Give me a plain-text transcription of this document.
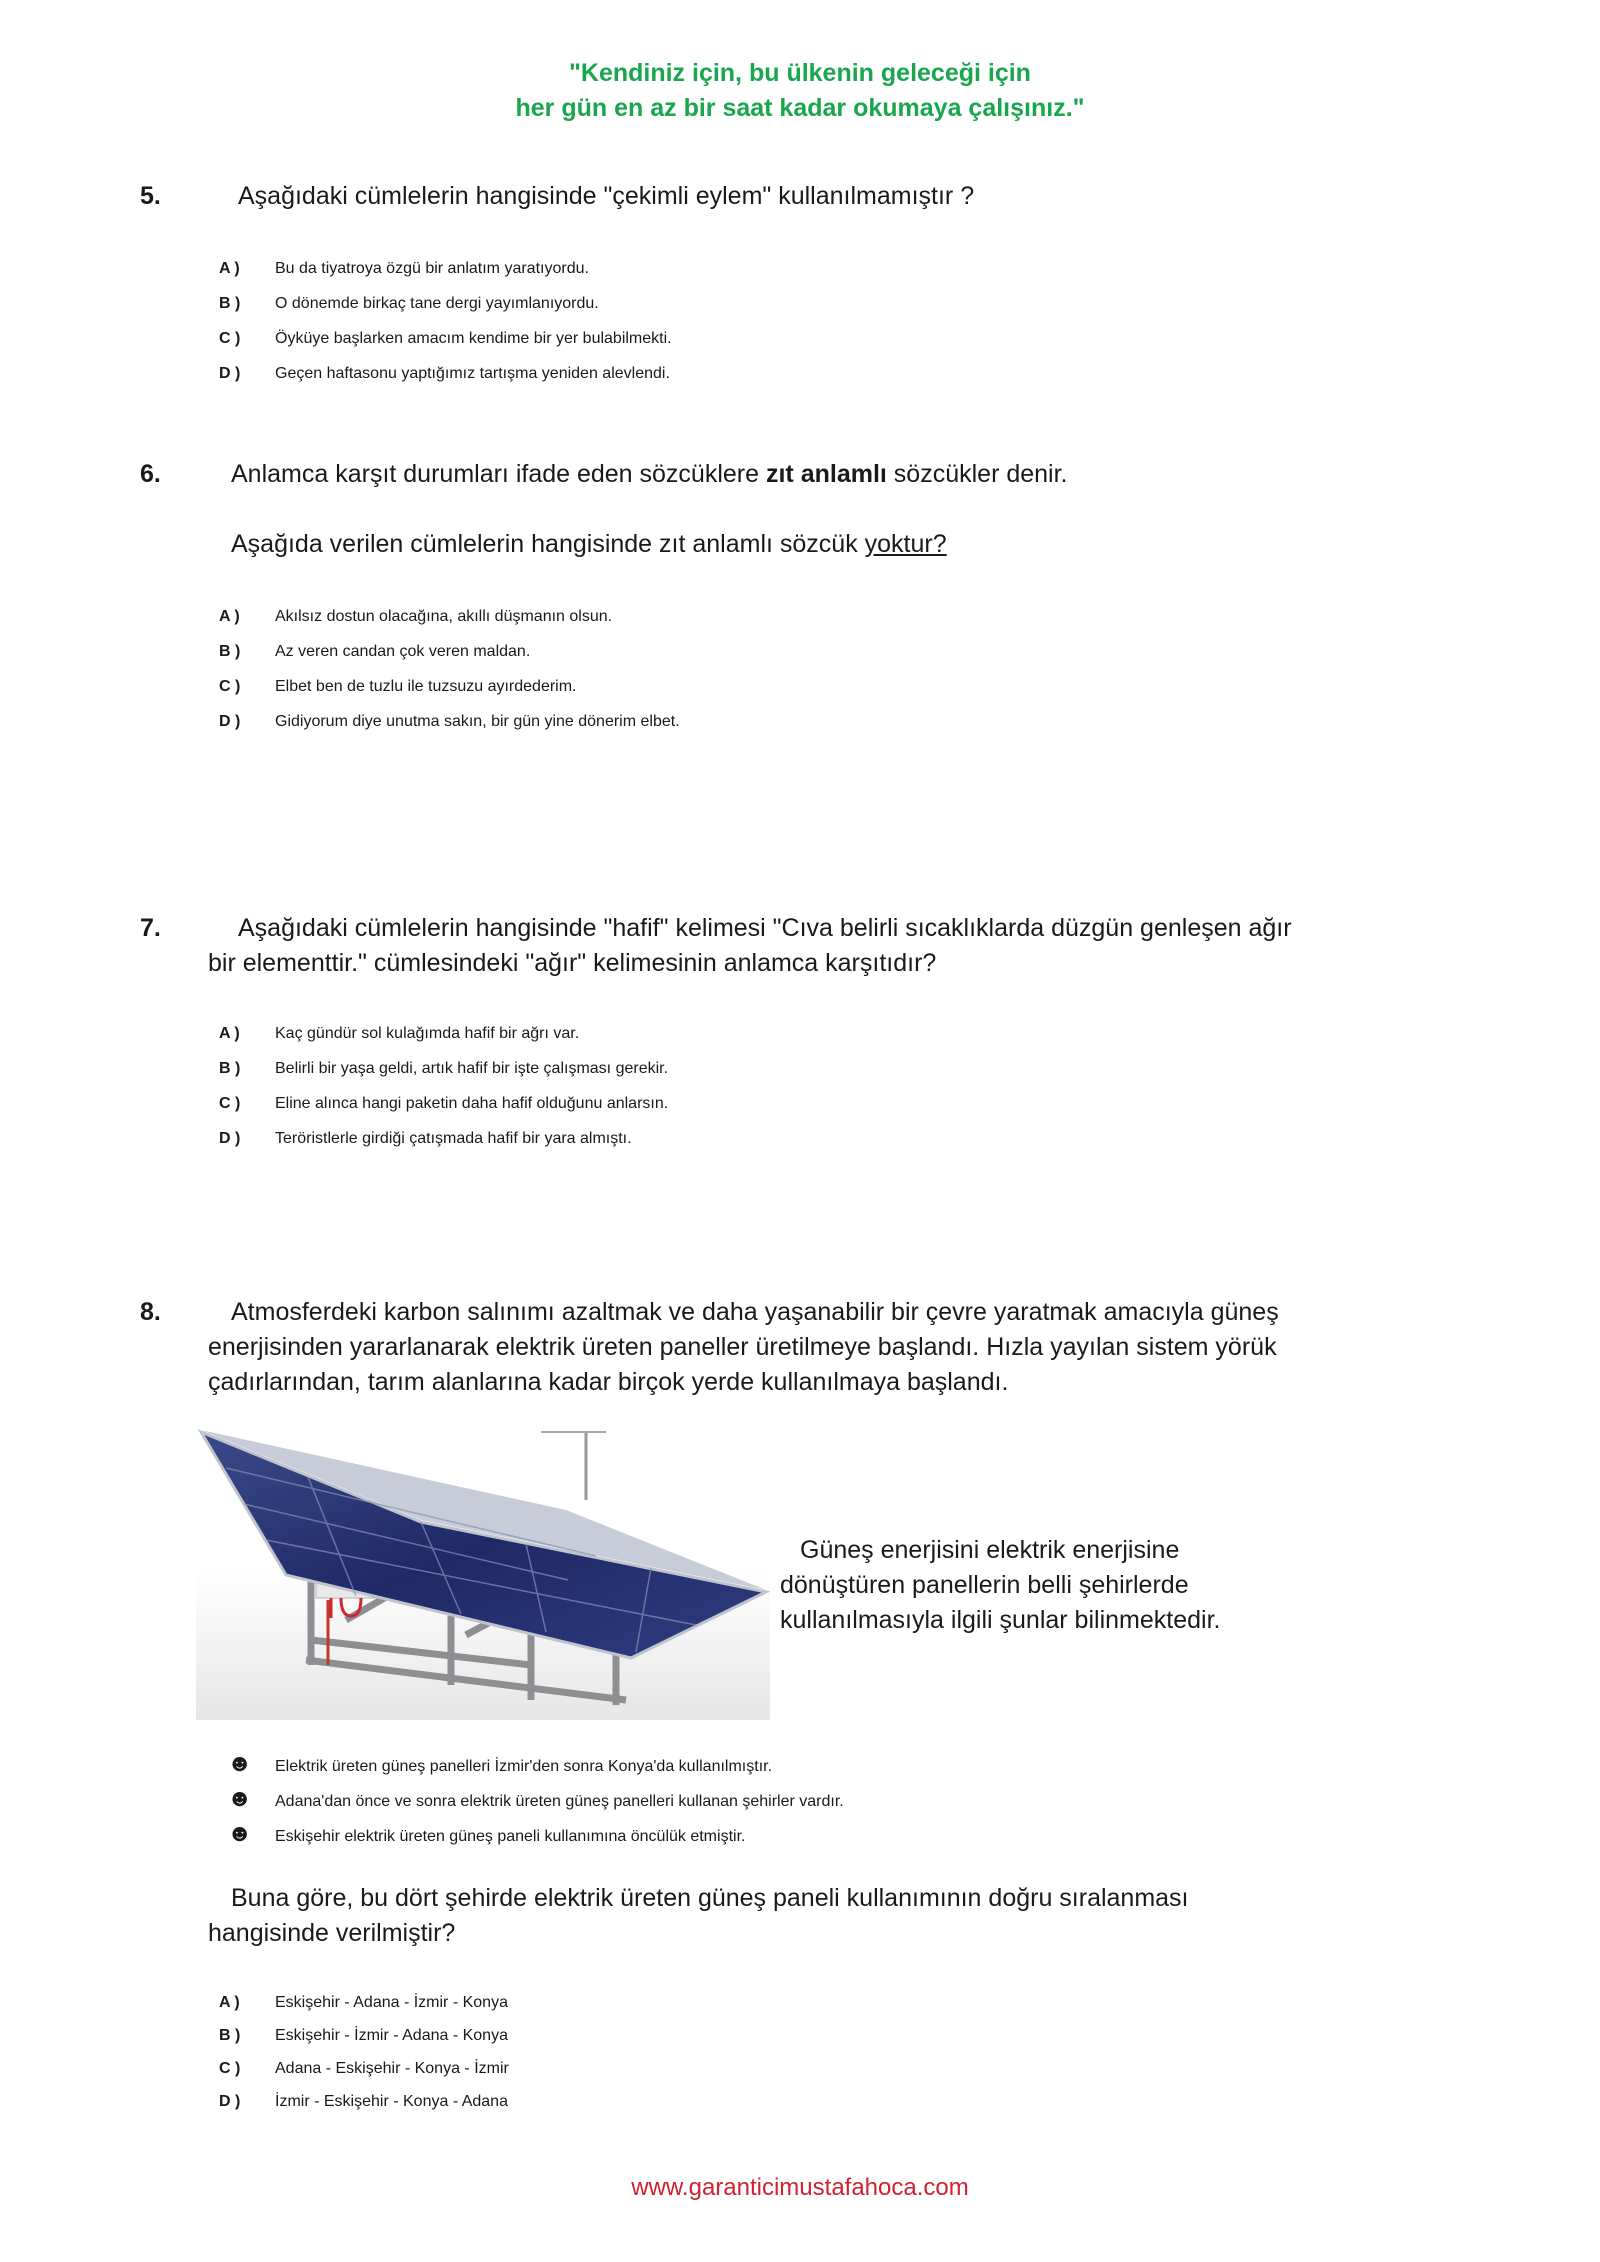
"Kendiniz için, bu ülkenin geleceği için
her gün en az bir saat kadar okumaya çalışınız."
5.	Aşağıdaki cümlelerin hangisinde "çekimli eylem" kullanılmamıştır ?
A ) Bu da tiyatroya özgü bir anlatım yaratıyordu.
B ) O dönemde birkaç tane dergi yayımlanıyordu.
C ) Öyküye başlarken amacım kendime bir yer bulabilmekti.
D ) Geçen haftasonu yaptığımız tartışma yeniden alevlendi.
6.	Anlamca karşıt durumları ifade eden sözcüklere zıt anlamlı sözcükler denir.
Aşağıda verilen cümlelerin hangisinde zıt anlamlı sözcük yoktur?
A ) Akılsız dostun olacağına, akıllı düşmanın olsun.
B ) Az veren candan çok veren maldan.
C ) Elbet ben de tuzlu ile tuzsuzu ayırdederim.
D ) Gidiyorum diye unutma sakın, bir gün yine dönerim elbet.
7.	Aşağıdaki cümlelerin hangisinde "hafif" kelimesi "Cıva belirli sıcaklıklarda düzgün genleşen ağır
bir elementtir." cümlesindeki "ağır" kelimesinin anlamca karşıtıdır?
A ) Kaç gündür sol kulağımda hafif bir ağrı var.
B ) Belirli bir yaşa geldi, artık hafif bir işte çalışması gerekir.
C ) Eline alınca hangi paketin daha hafif olduğunu anlarsın.
D ) Teröristlerle girdiği çatışmada hafif bir yara almıştı.
8.	Atmosferdeki karbon salınımı azaltmak ve daha yaşanabilir bir çevre yaratmak amacıyla güneş
enerjisinden yararlanarak elektrik üreten paneller üretilmeye başlandı. Hızla yayılan sistem yörük
çadırlarından, tarım alanlarına kadar birçok yerde kullanılmaya başlandı.
Güneş enerjisini elektrik enerjisine
dönüştüren panellerin belli şehirlerde
kullanılmasıyla ilgili şunlar bilinmektedir.
☻ Elektrik üreten güneş panelleri İzmir'den sonra Konya'da kullanılmıştır.
☻ Adana'dan önce ve sonra elektrik üreten güneş panelleri kullanan şehirler vardır.
☻ Eskişehir elektrik üreten güneş paneli kullanımına öncülük etmiştir.
Buna göre, bu dört şehirde elektrik üreten güneş paneli kullanımının doğru sıralanması
hangisinde verilmiştir?
A ) Eskişehir - Adana - İzmir - Konya
B ) Eskişehir - İzmir - Adana - Konya
C ) Adana - Eskişehir - Konya - İzmir
D ) İzmir - Eskişehir - Konya - Adana
www.garanticimustafahoca.com
